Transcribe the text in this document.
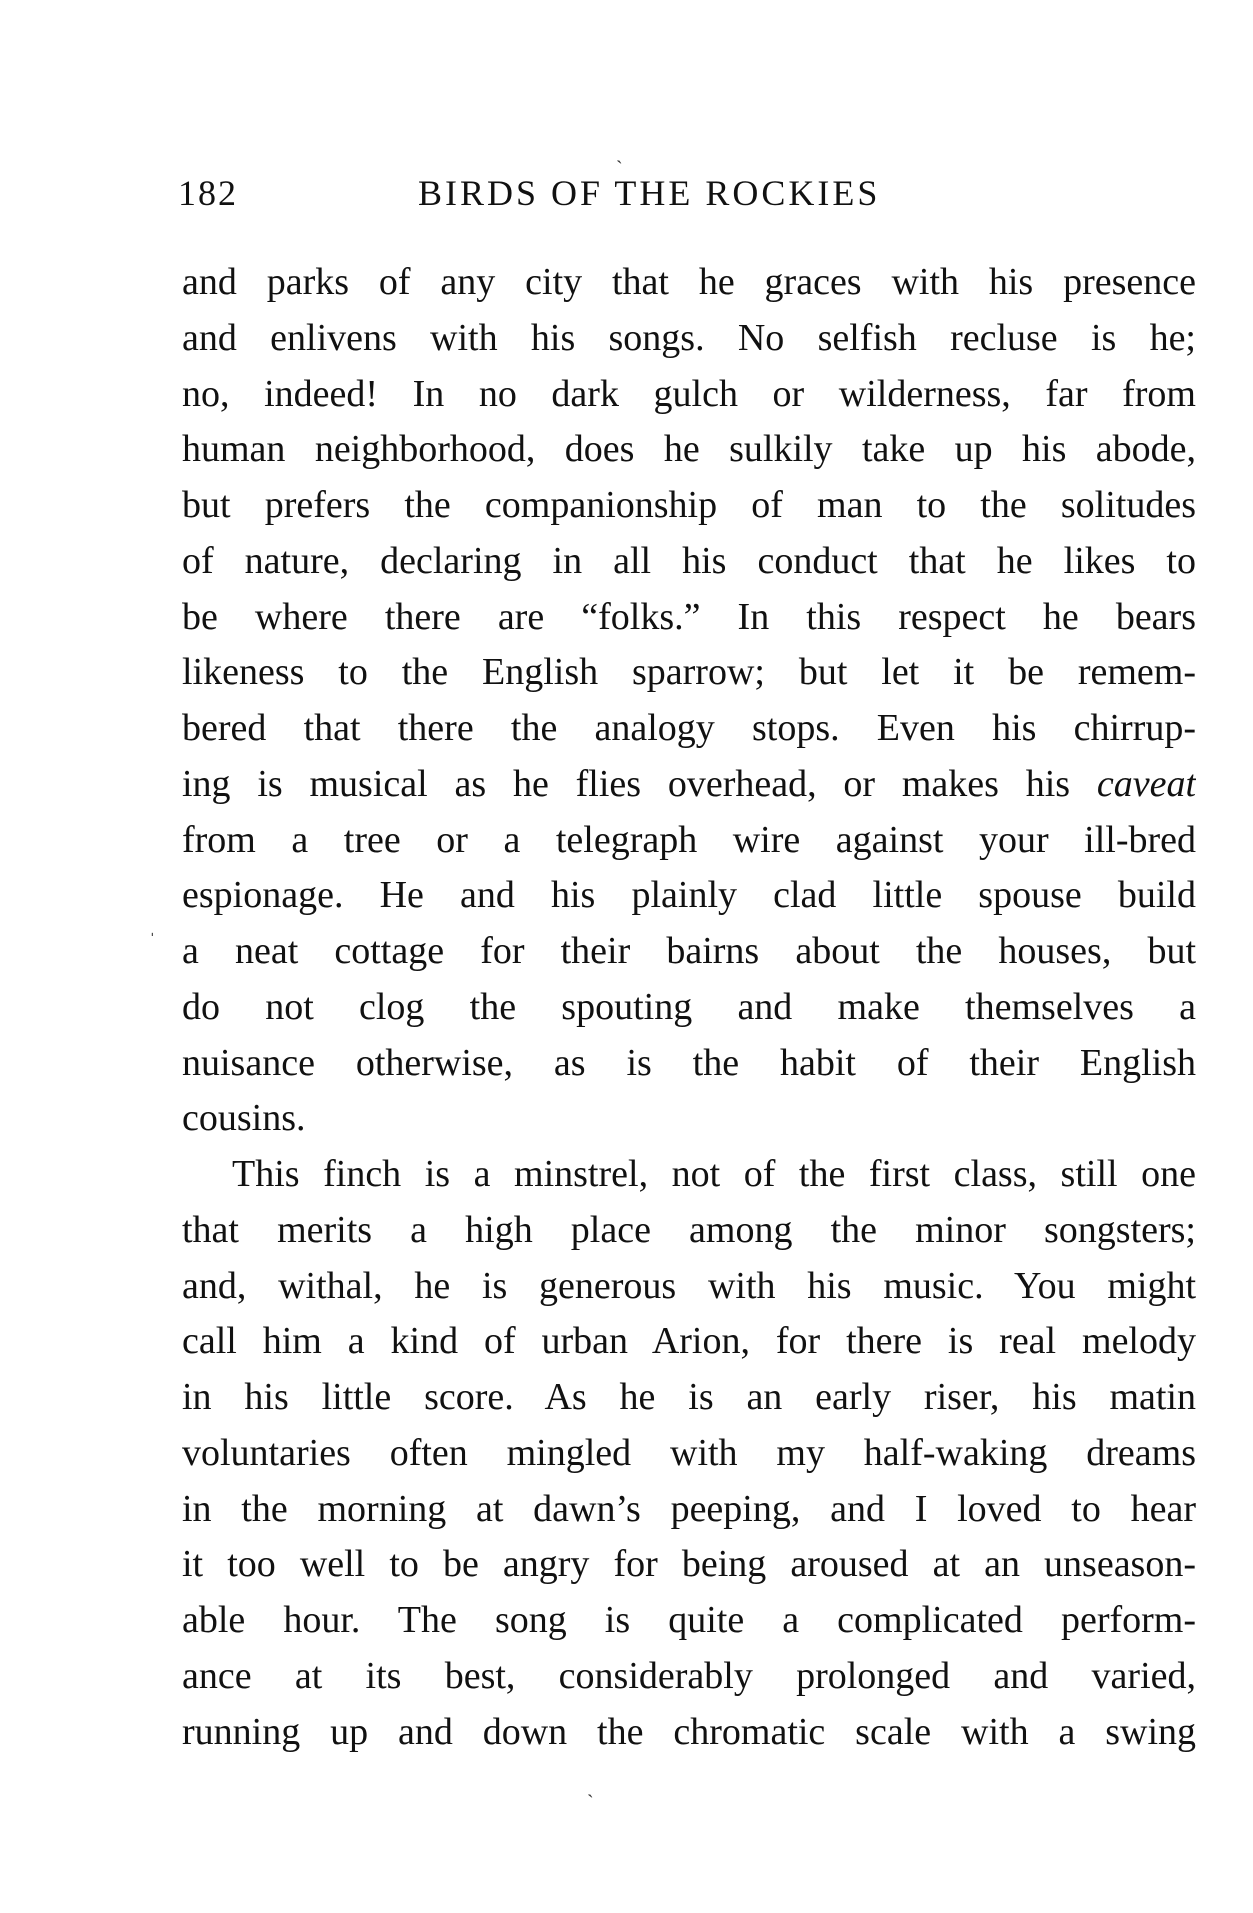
ˎ
182	BIRDS OF THE ROCKIES
ˈ
and parks of any city that he graces with his presence
and enlivens with his songs. No selfish recluse is he;
no, indeed! In no dark gulch or wilderness, far from
human neighborhood, does he sulkily take up his abode,
but prefers the companionship of man to the solitudes
of nature, declaring in all his conduct that he likes to
be where there are “folks.” In this respect he bears
likeness to the English sparrow; but let it be remem-
bered that there the analogy stops. Even his chirrup-
ing is musical as he flies overhead, or makes his caveat
from a tree or a telegraph wire against your ill-bred
espionage. He and his plainly clad little spouse build
a neat cottage for their bairns about the houses, but
do not clog the spouting and make themselves a
nuisance otherwise, as is the habit of their English
cousins.
This finch is a minstrel, not of the first class, still one
that merits a high place among the minor songsters;
and, withal, he is generous with his music. You might
call him a kind of urban Arion, for there is real melody
in his little score. As he is an early riser, his matin
voluntaries often mingled with my half-waking dreams
in the morning at dawn’s peeping, and I loved to hear
it too well to be angry for being aroused at an unseason-
able hour. The song is quite a complicated perform-
ance at its best, considerably prolonged and varied,
running up and down the chromatic scale with a swing
ˎ
